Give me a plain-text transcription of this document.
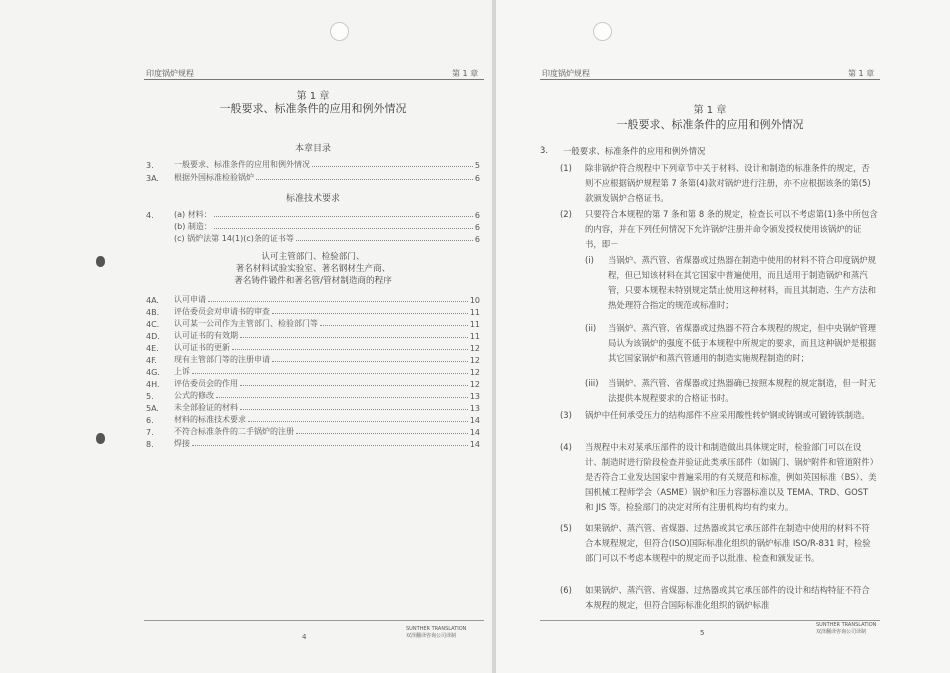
印度锅炉规程	第 1 章
第 1 章
一般要求、标准条件的应用和例外情况
本章目录
3.	一般要求、标准条件的应用和例外情况	5
3A.	根据外国标准检验锅炉	6
标准技术要求
4.	(a) 材料：	6
(b) 制造：	6
(c) 锅炉法第 14(1)(c)条的证书等	6
认可主管部门、检验部门、
著名材料试验实验室、著名钢材生产商、
著名铸件锻件和著名管/管材制造商的程序
4A.	认可申请	10
4B.	评估委员会对申请书的审查	11
4C.	认可某一公司作为主管部门、检验部门等	11
4D.	认可证书的有效期	11
4E.	认可证书的更新	12
4F.	现有主管部门等的注册申请	12
4G.	上诉	12
4H.	评估委员会的作用	12
5.	公式的修改	13
5A.	未全部验证的材料	13
6.	材料的标准技术要求	14
7.	不符合标准条件的二手锅炉的注册	14
8.	焊接	14
SUNTHER TRANSLATION
双泽翻译咨询公司译制
4
印度锅炉规程	第 1 章
第 1 章
一般要求、标准条件的应用和例外情况
3. 一般要求、标准条件的应用和例外情况
(1) 除非锅炉符合规程中下列章节中关于材料、设计和制造的标准条件的规定，否则不应根据锅炉规程第 7 条第(4)款对锅炉进行注册，亦不应根据该条的第(5)款颁发锅炉合格证书。
(2) 只要符合本规程的第 7 条和第 8 条的规定，检查长可以不考虑第(1)条中所包含的内容，并在下列任何情况下允许锅炉注册并命令颁发授权使用该锅炉的证书，即－
(i) 当锅炉、蒸汽管、省煤器或过热器在制造中使用的材料不符合印度锅炉规程，但已知该材料在其它国家中普遍使用，而且适用于制造锅炉和蒸汽管，只要本规程未特别规定禁止使用这种材料，而且其制造、生产方法和热处理符合指定的规范或标准时；
(ii) 当锅炉、蒸汽管、省煤器或过热器不符合本规程的规定，但中央锅炉管理局认为该锅炉的强度不低于本规程中所规定的要求，而且这种锅炉是根据其它国家锅炉和蒸汽管通用的制造实施规程制造的时；
(iii) 当锅炉、蒸汽管、省煤器或过热器确已按照本规程的规定制造，但一时无法提供本规程要求的合格证书时。
(3) 锅炉中任何承受压力的结构部件不应采用酸性转炉钢或铸钢或可锻铸铁制造。
(4) 当规程中未对某承压部件的设计和制造做出具体规定时，检验部门可以在设计、制造时进行阶段检查并验证此类承压部件（如锅门、锅炉附件和管道附件）是否符合工业发达国家中普遍采用的有关规范和标准，例如英国标准（BS）、美国机械工程师学会（ASME）锅炉和压力容器标准以及 TEMA、TRD、GOST 和 JIS 等。检验部门的决定对所有注册机构均有约束力。
(5) 如果锅炉、蒸汽管、省煤器、过热器或其它承压部件在制造中使用的材料不符合本规程规定，但符合(ISO)国际标准化组织的锅炉标准 ISO/R-831 时，检验部门可以不考虑本规程中的规定而予以批准、检查和颁发证书。
(6) 如果锅炉、蒸汽管、省煤器、过热器或其它承压部件的设计和结构特征不符合本规程的规定，但符合国际标准化组织的锅炉标准
SUNTHER TRANSLATION
双泽翻译咨询公司译制
5
